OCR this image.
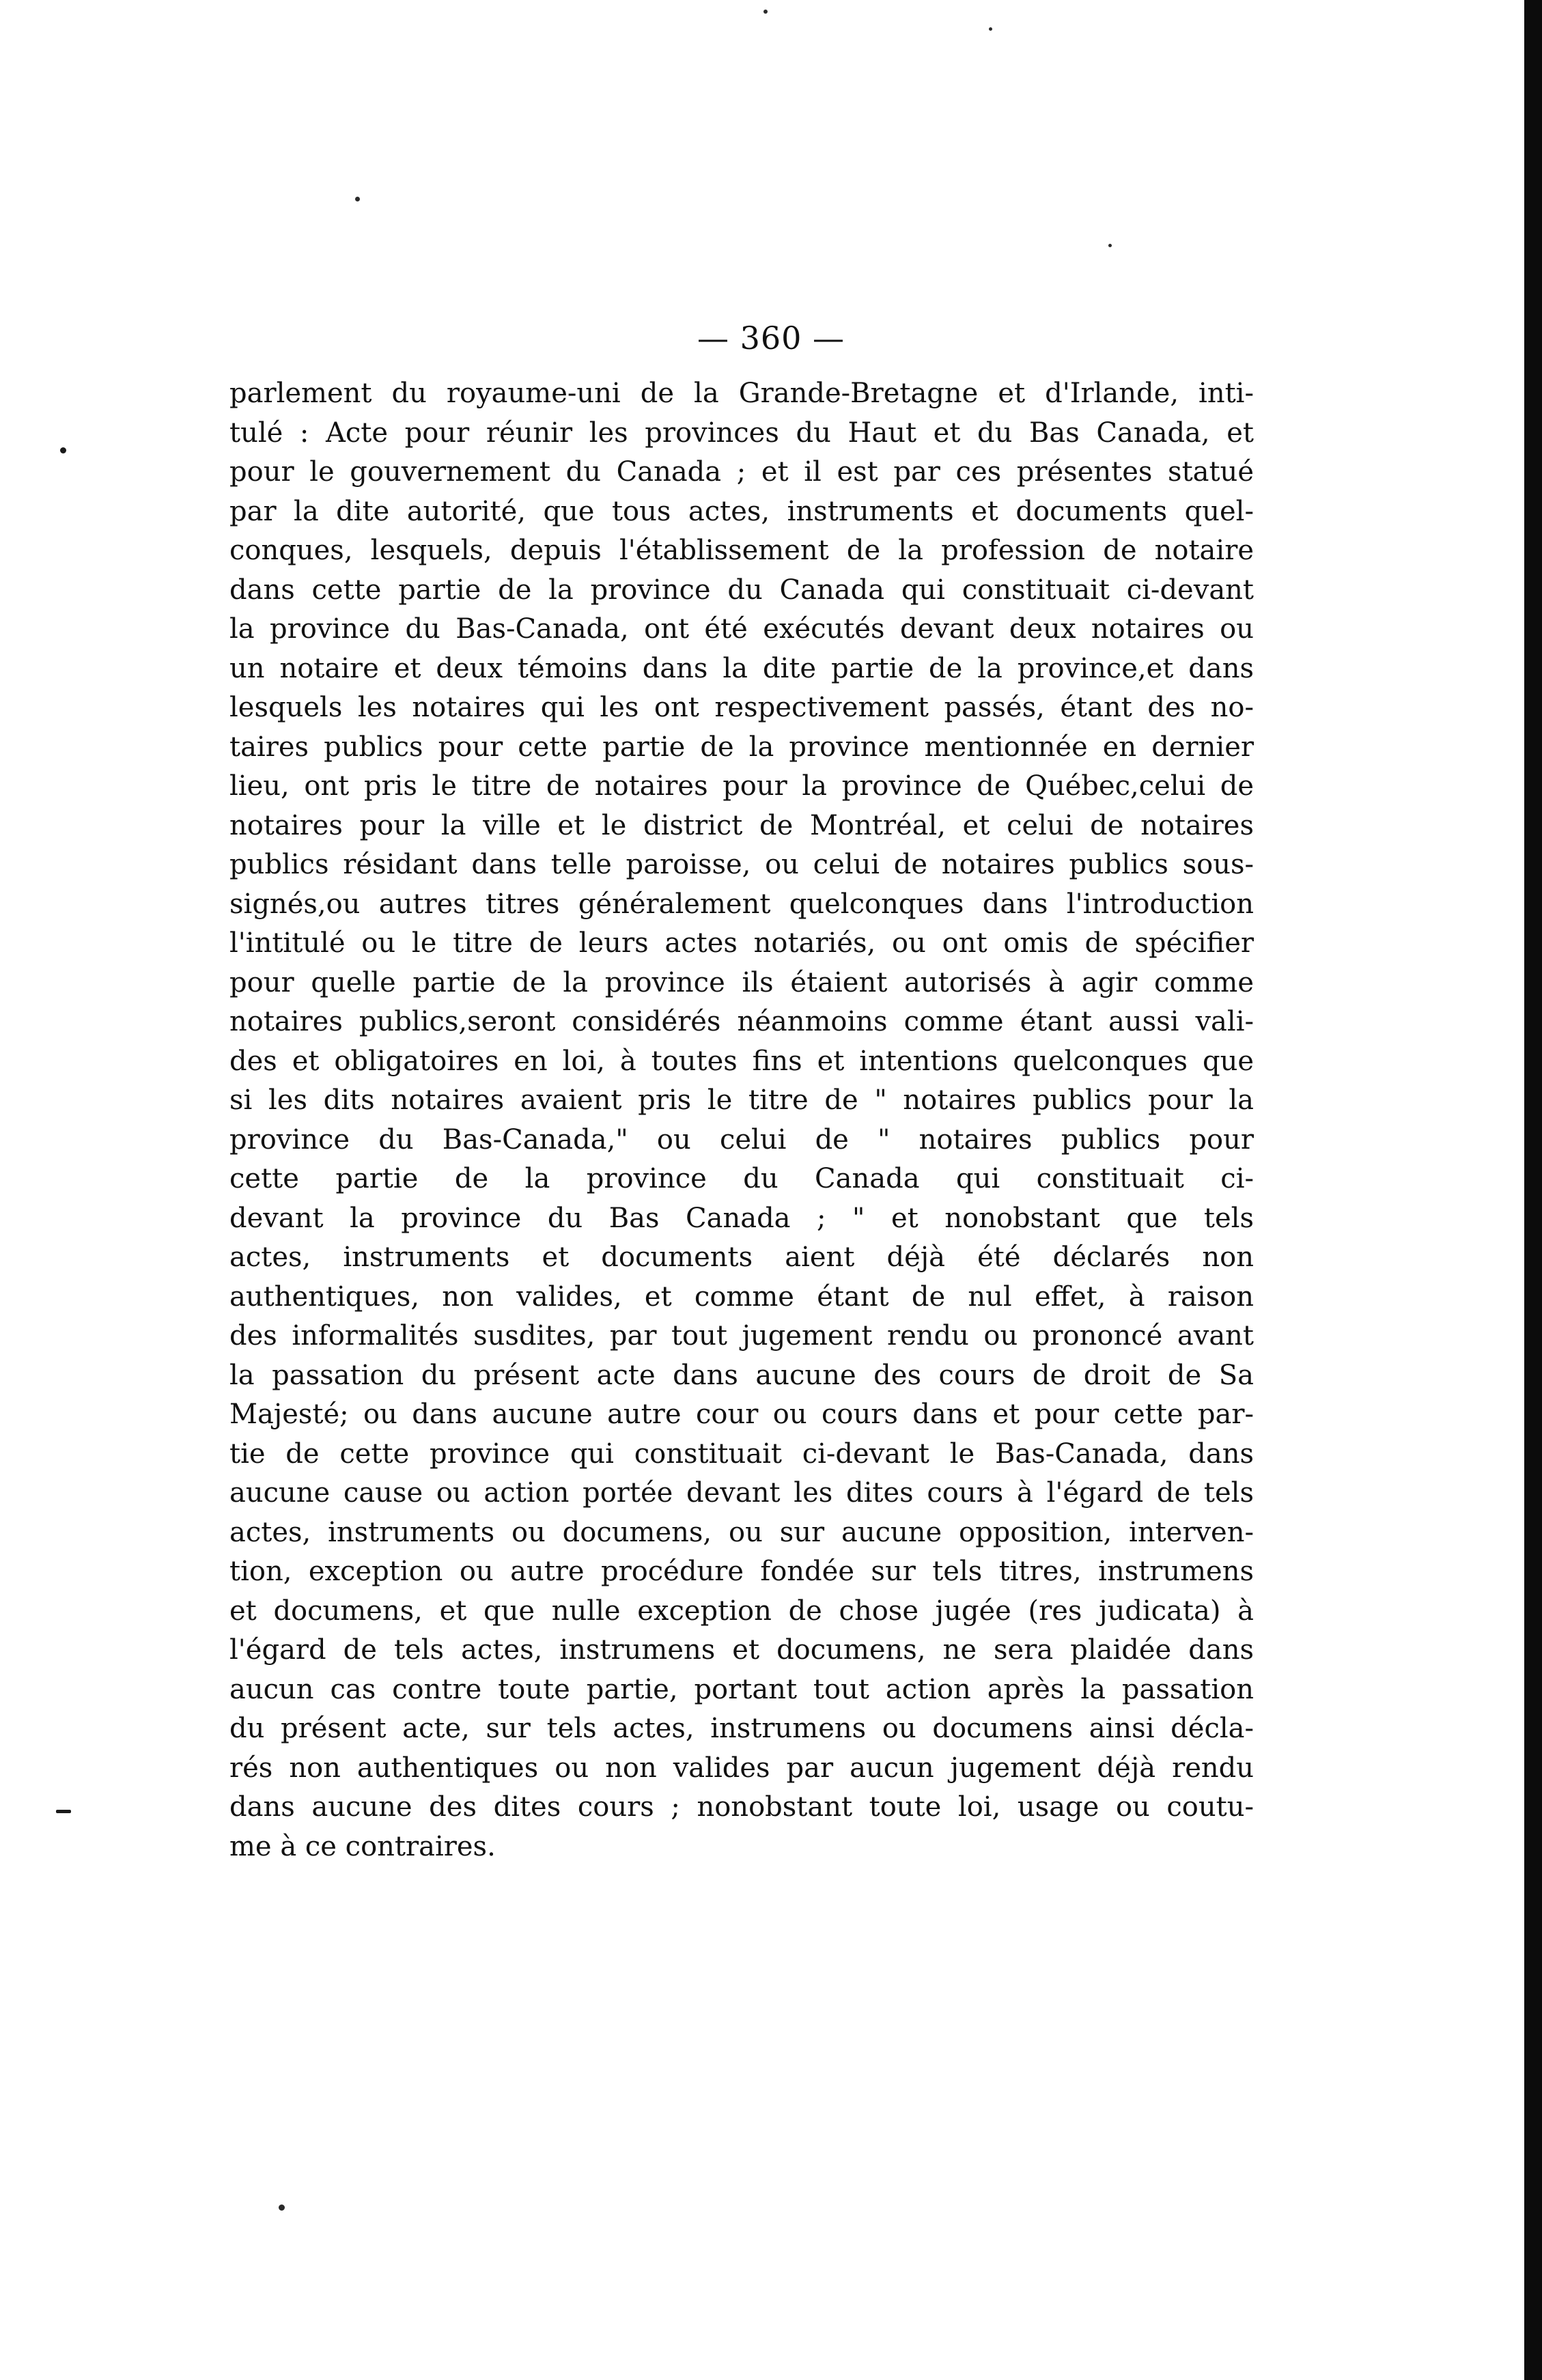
— 360 —
parlement du royaume-uni de la Grande-Bretagne et d'Irlande, inti-
tulé : Acte pour réunir les provinces du Haut et du Bas Canada, et
pour le gouvernement du Canada ; et il est par ces présentes statué
par la dite autorité, que tous actes, instruments et documents quel-
conques, lesquels, depuis l'établissement de la profession de notaire
dans cette partie de la province du Canada qui constituait ci-devant
la province du Bas-Canada, ont été exécutés devant deux notaires ou
un notaire et deux témoins dans la dite partie de la province,et dans
lesquels les notaires qui les ont respectivement passés, étant des no-
taires publics pour cette partie de la province mentionnée en dernier
lieu, ont pris le titre de notaires pour la province de Québec,celui de
notaires pour la ville et le district de Montréal, et celui de notaires
publics résidant dans telle paroisse, ou celui de notaires publics sous-
signés,ou autres titres généralement quelconques dans l'introduction
l'intitulé ou le titre de leurs actes notariés, ou ont omis de spécifier
pour quelle partie de la province ils étaient autorisés à agir comme
notaires publics,seront considérés néanmoins comme étant aussi vali-
des et obligatoires en loi, à toutes fins et intentions quelconques que
si les dits notaires avaient pris le titre de " notaires publics pour la
province du Bas-Canada," ou celui de " notaires publics pour
cette partie de la province du Canada qui constituait ci-
devant la province du Bas Canada ; " et nonobstant que tels
actes, instruments et documents aient déjà été déclarés non
authentiques, non valides, et comme étant de nul effet, à raison
des informalités susdites, par tout jugement rendu ou prononcé avant
la passation du présent acte dans aucune des cours de droit de Sa
Majesté; ou dans aucune autre cour ou cours dans et pour cette par-
tie de cette province qui constituait ci-devant le Bas-Canada, dans
aucune cause ou action portée devant les dites cours à l'égard de tels
actes, instruments ou documens, ou sur aucune opposition, interven-
tion, exception ou autre procédure fondée sur tels titres, instrumens
et documens, et que nulle exception de chose jugée (res judicata) à
l'égard de tels actes, instrumens et documens, ne sera plaidée dans
aucun cas contre toute partie, portant tout action après la passation
du présent acte, sur tels actes, instrumens ou documens ainsi décla-
rés non authentiques ou non valides par aucun jugement déjà rendu
dans aucune des dites cours ; nonobstant toute loi, usage ou coutu-
me à ce contraires.
